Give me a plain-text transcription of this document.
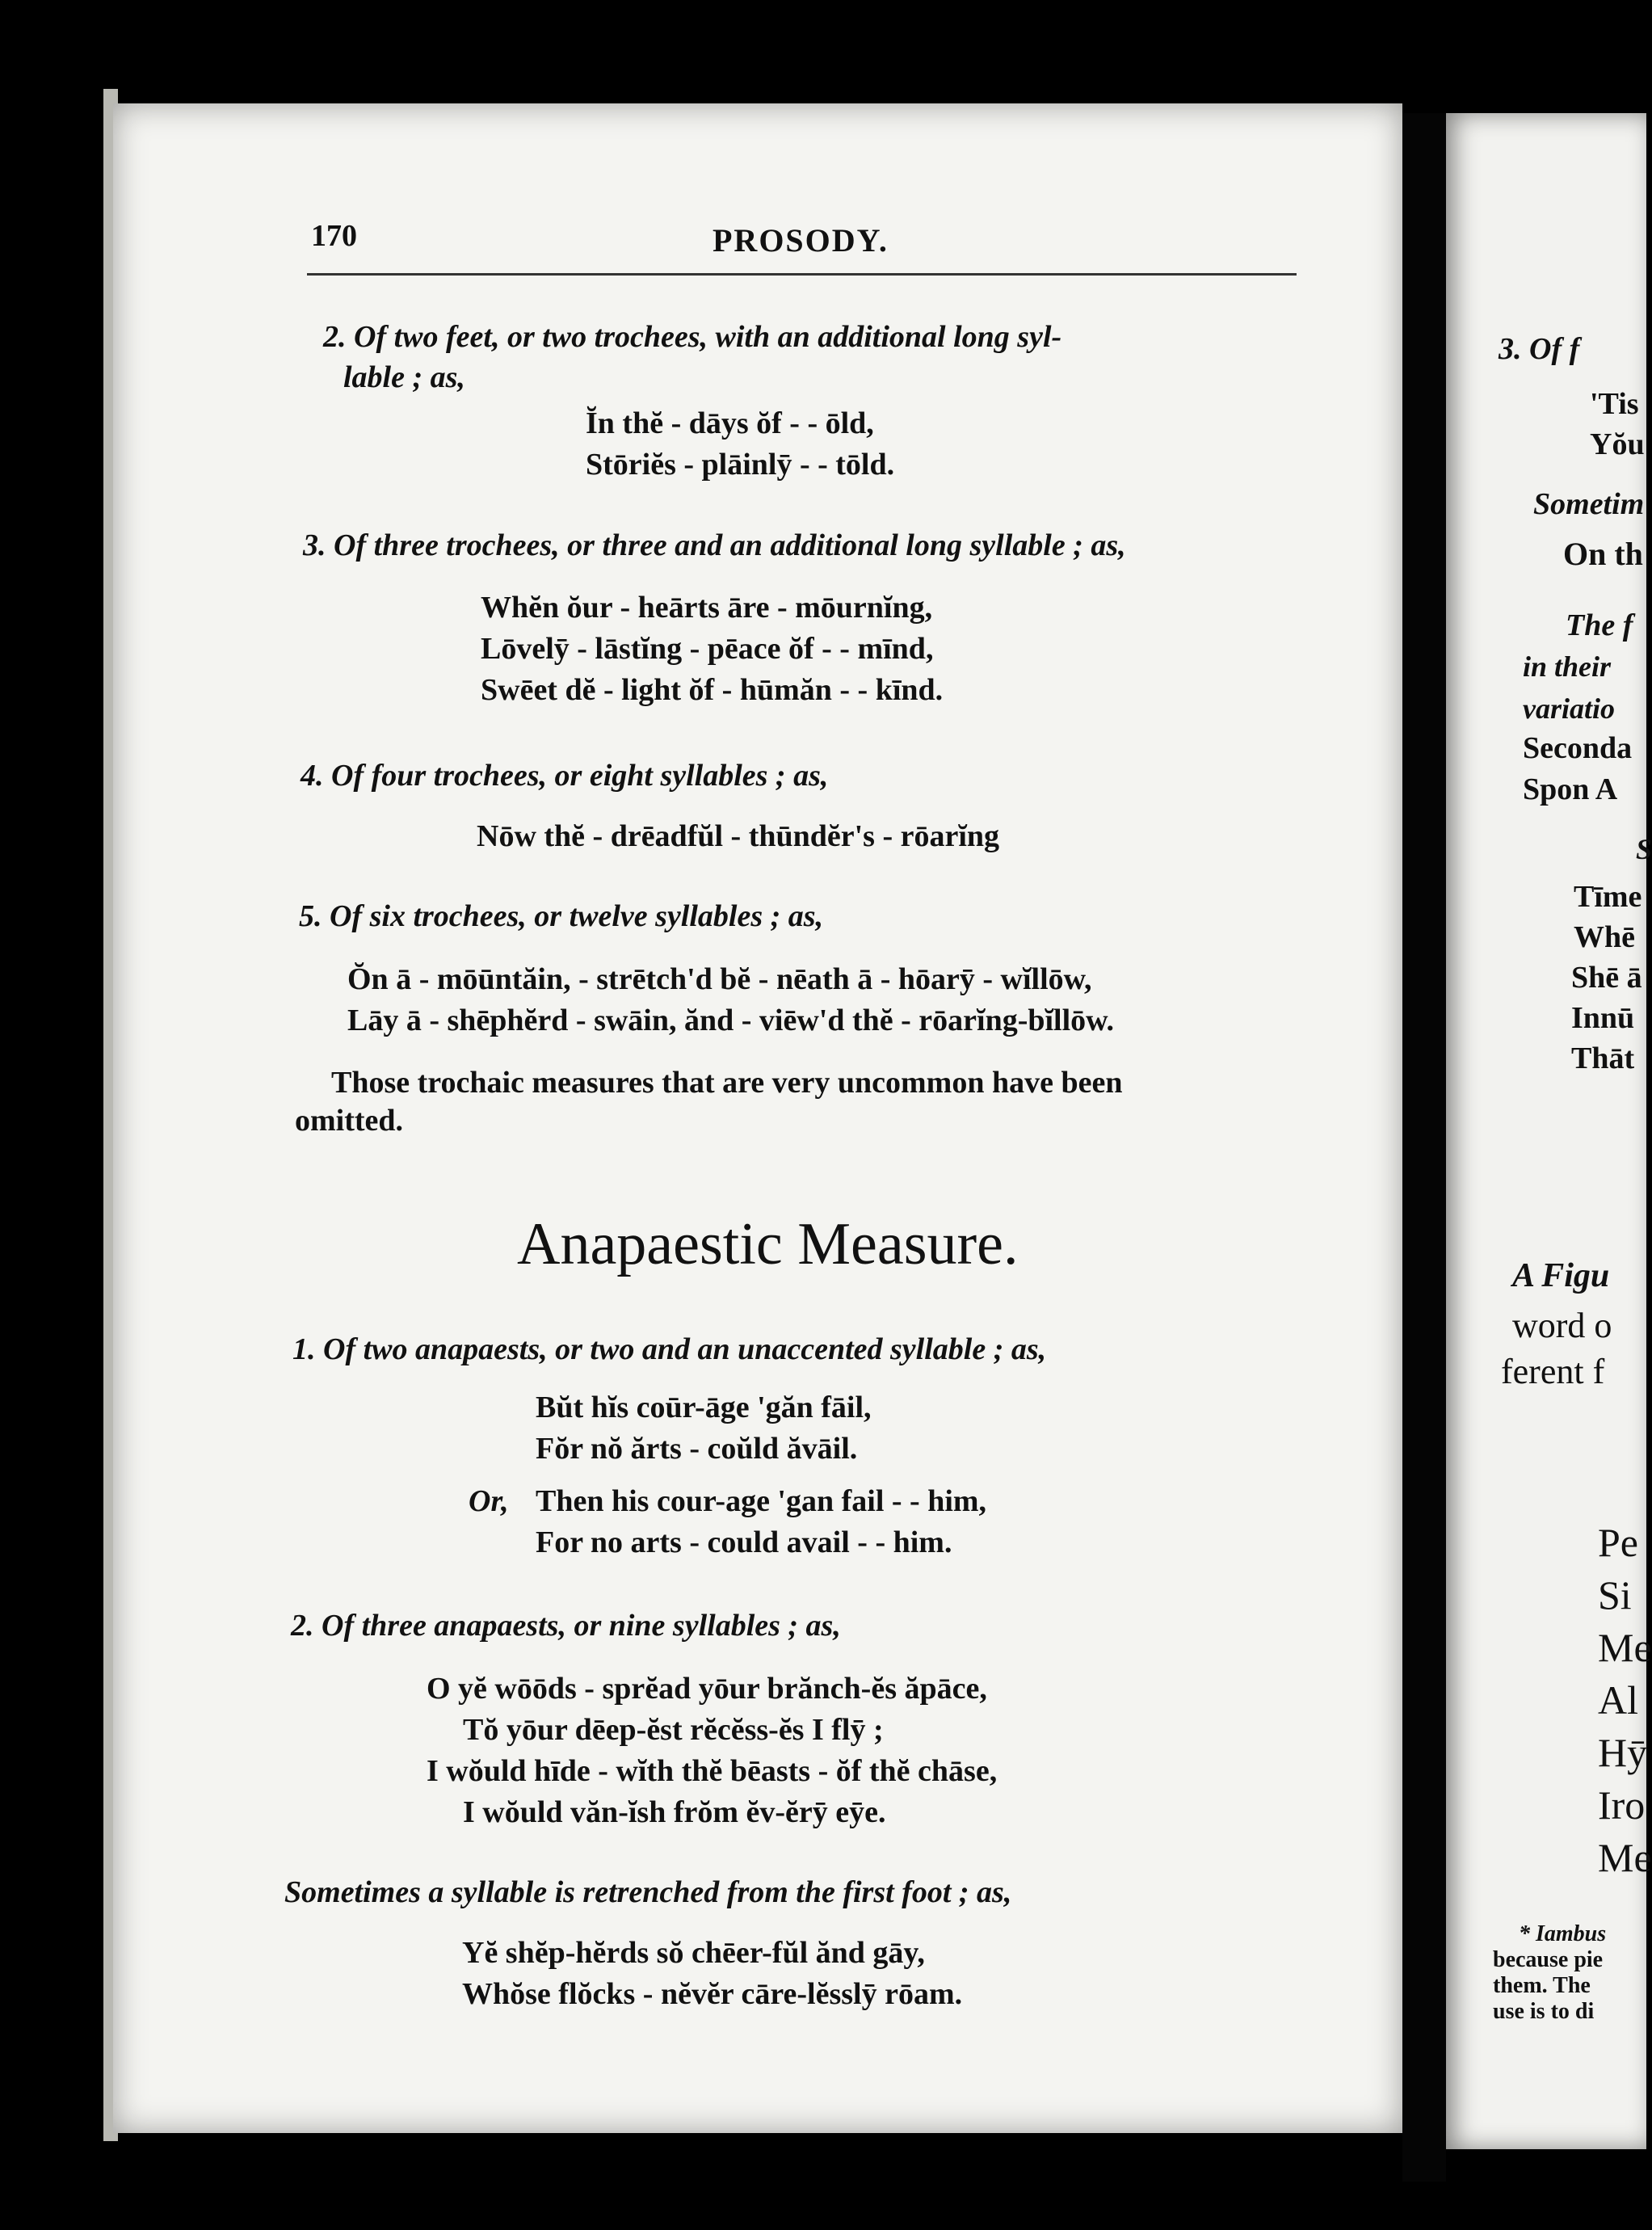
170	PROSODY.
2. Of two feet, or two trochees, with an additional long syl-
lable ; as,
Ĭn thĕ - dāys ŏf - - ōld,
Stōriĕs - plāinlӯ - - tōld.
3. Of three trochees, or three and an additional long syllable ; as,
Whĕn ŏur - heārts āre - mōurnĭng,
Lōvelӯ - lāstĭng - pēace ŏf - - mīnd,
Swēet dĕ - light ŏf - hūmăn - - kīnd.
4. Of four trochees, or eight syllables ; as,
Nōw thĕ - drēadfŭl - thūndĕr's - rōarĭng
5. Of six trochees, or twelve syllables ; as,
Ŏn ā - mōūntăin, - strētch'd bĕ - nēath ā - hōarӯ - wĭllōw,
Lāy ā - shēphĕrd - swāin, ănd - viēw'd thĕ - rōarĭng-bĭllōw.
Those trochaic measures that are very uncommon have been
omitted.
Anapaestic Measure.
1. Of two anapaests, or two and an unaccented syllable ; as,
Bŭt hĭs coūr-āge 'găn fāil,
Fŏr nŏ ărts - coŭld ăvāil.
Or, Then his cour-age 'gan fail - - him,
For no arts - could avail - - him.
2. Of three anapaests, or nine syllables ; as,
O yĕ wōōds - sprĕad yōur brănch-ĕs ăpāce,
Tŏ yōur dēep-ĕst rĕcĕss-ĕs I flӯ ;
I wŏuld hīde - wĭth thĕ bēasts - ŏf thĕ chāse,
I wŏuld văn-ĭsh frŏm ĕv-ĕrӯ eӯe.
Sometimes a syllable is retrenched from the first foot ; as,
Yĕ shĕp-hĕrds sŏ chēer-fŭl ănd gāy,
Whŏse flŏcks - nĕvĕr cāre-lĕsslӯ rōam.
3. Of f
'Tis
Yŏu
Sometim
On th
The f
in their
variatio
Seconda
Spon A
S
Tīme
Whē
Shē ā
Innū
Thāt
A Figu
word o
ferent f
Pe
Si
Me
Al
Hӯ
Iro
Me
* Iambus
because pie
them. The
use is to di
